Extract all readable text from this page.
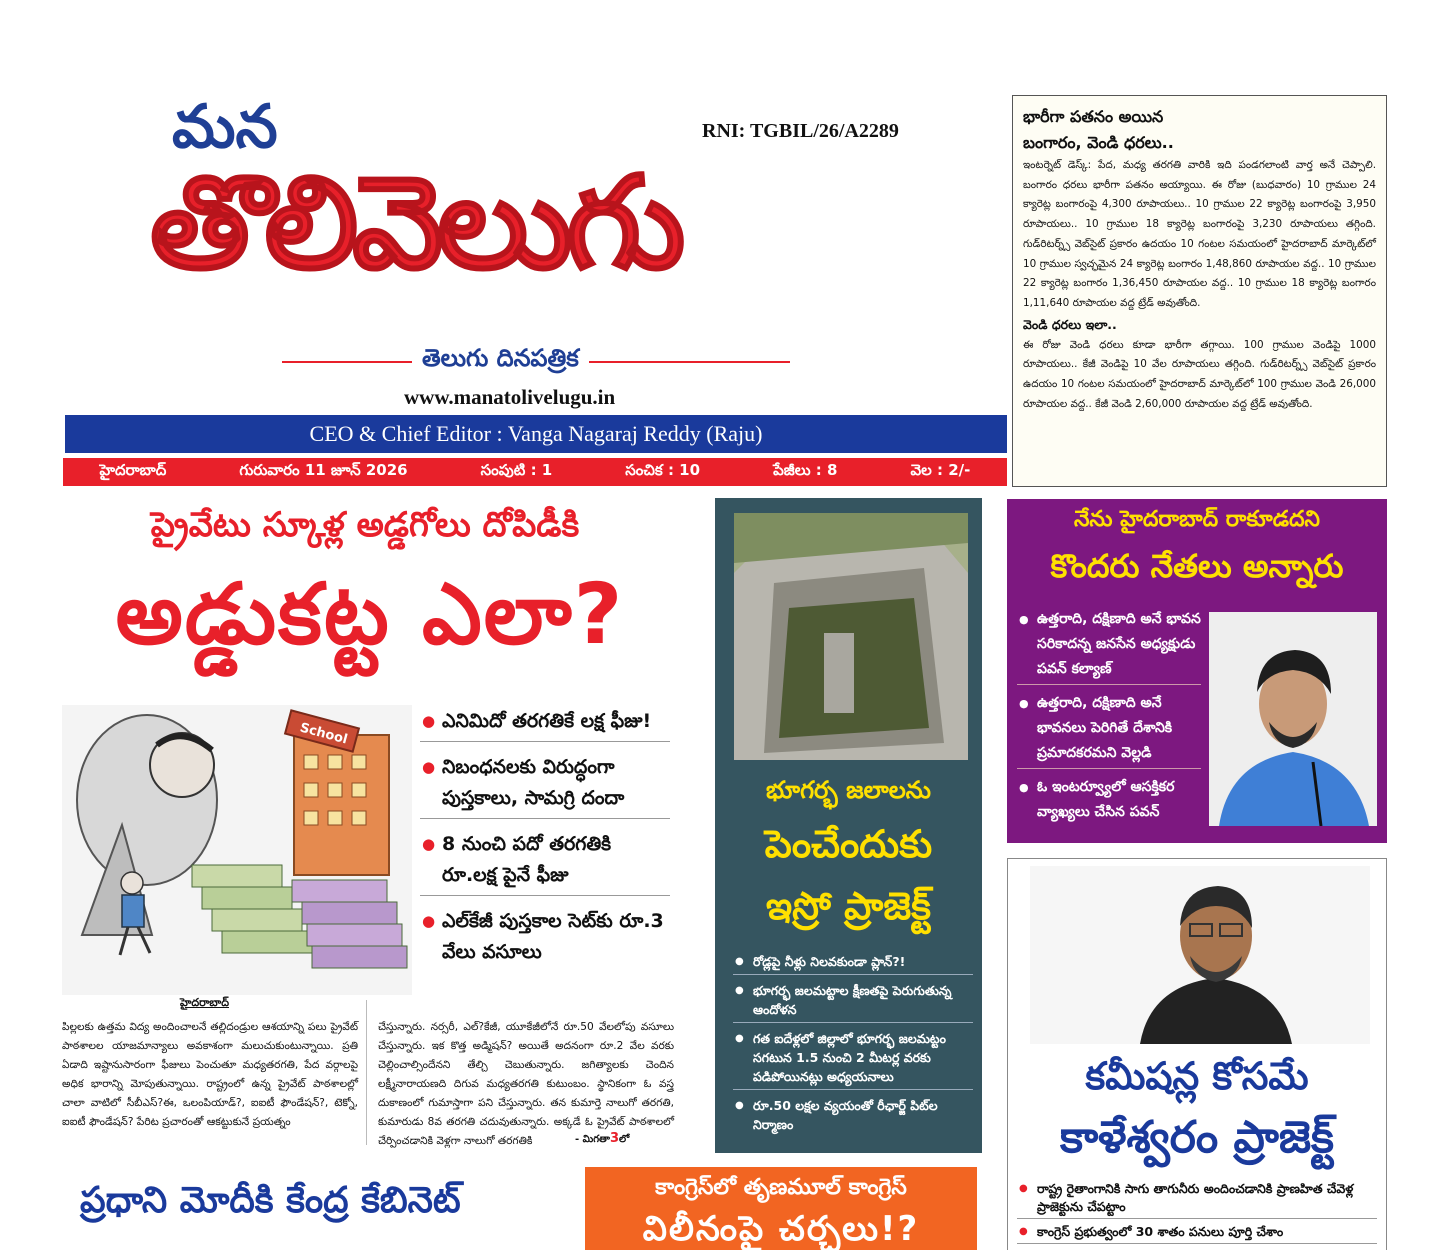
మన	RNI: TGBIL/26/A2289
తొలివెలుగు
తెలుగు దినపత్రిక
www.manatolivelugu.in
CEO & Chief Editor : Vanga Nagaraj Reddy (Raju)
హైదరాబాద్	గురువారం 11 జూన్ 2026	సంపుటి : 1	సంచిక : 10	పేజీలు : 8	వెల : 2/-
భారీగా పతనం అయిన
బంగారం, వెండి ధరలు..

ఇంటర్నెట్ డెస్క్: పేద, మధ్య తరగతి వారికి ఇది పండగలాంటి వార్త అనే చెప్పాలి. బంగారం ధరలు భారీగా పతనం అయ్యాయి. ఈ రోజు (బుధవారం) 10 గ్రాముల 24 క్యారెట్ల బంగారంపై 4,300 రూపాయలు.. 10 గ్రాముల 22 క్యారెట్ల బంగారంపై 3,950 రూపాయలు.. 10 గ్రాముల 18 క్యారెట్ల బంగారంపై 3,230 రూపాయలు తగ్గింది. గుడ్‌రిటర్న్స్ వెబ్‌సైట్ ప్రకారం ఉదయం 10 గంటల సమయంలో హైదరాబాద్ మార్కెట్‌లో 10 గ్రాముల స్వచ్ఛమైన 24 క్యారెట్ల బంగారం 1,48,860 రూపాయల వద్ద.. 10 గ్రాముల 22 క్యారెట్ల బంగారం 1,36,450 రూపాయల వద్ద.. 10 గ్రాముల 18 క్యారెట్ల బంగారం 1,11,640 రూపాయల వద్ద ట్రేడ్ అవుతోంది.

వెండి ధరలు ఇలా..

ఈ రోజు వెండి ధరలు కూడా భారీగా తగ్గాయి. 100 గ్రాముల వెండిపై 1000 రూపాయలు.. కేజీ వెండిపై 10 వేల రూపాయలు తగ్గింది. గుడ్‌రిటర్న్స్ వెబ్‌సైట్ ప్రకారం ఉదయం 10 గంటల సమయంలో హైదరాబాద్ మార్కెట్‌లో 100 గ్రాముల వెండి 26,000 రూపాయల వద్ద.. కేజీ వెండి 2,60,000 రూపాయల వద్ద ట్రేడ్ అవుతోంది.

ప్రైవేటు స్కూళ్ల అడ్డగోలు దోపిడీకి
అడ్డుకట్ట ఎలా?
School
●	ఎనిమిదో తరగతికే లక్ష ఫీజు!
● నిబంధనలకు విరుద్ధంగా పుస్తకాలు, సామగ్రి దందా
● 8 నుంచి పదో తరగతికి రూ.లక్ష పైనే ఫీజు
● ఎల్‌కేజీ పుస్తకాల సెట్‌కు రూ.3 వేలు వసూలు
హైదరాబాద్
పిల్లలకు ఉత్తమ విద్య అందించాలనే తల్లిదండ్రుల ఆశయాన్ని పలు ప్రైవేట్ పాఠశాలల యాజమాన్యాలు అవకాశంగా మలుచుకుంటున్నాయి. ప్రతి ఏడాది ఇష్టానుసారంగా ఫీజులు పెంచుతూ మధ్యతరగతి, పేద వర్గాలపై అధిక భారాన్ని మోపుతున్నాయి. రాష్ట్రంలో ఉన్న ప్రైవేట్ పాఠశాలల్లో చాలా వాటిలో సీబీఎస్?ఈ, ఒలంపియాడ్?, ఐఐటీ ఫౌండేషన్?, టెక్నో, ఐఐటీ ఫౌండేషన్? పేరిట ప్రచారంతో ఆకట్టుకునే ప్రయత్నం
చేస్తున్నారు. నర్సరీ, ఎల్?కేజీ, యూకేజీలోనే రూ.50 వేలలోపు వసూలు చేస్తున్నారు. ఇక కొత్త అడ్మిషన్? అయితే అదనంగా రూ.2 వేల వరకు చెల్లించాల్సిందేనని తేల్చి చెబుతున్నారు. జగిత్యాలకు చెందిన లక్ష్మీనారాయణది దిగువ మధ్యతరగతి కుటుంబం. స్థానికంగా ఓ వస్త్ర దుకాణంలో గుమాస్తాగా పని చేస్తున్నారు. తన కుమార్తె నాలుగో తరగతి, కుమారుడు 8వ తరగతి చదువుతున్నారు. అక్కడే ఓ ప్రైవేట్ పాఠశాలలో చేర్పించడానికి వెళ్లగా నాలుగో తరగతికి	- మిగతా3లో
ప్రధాని మోదీకి కేంద్ర కేబినెట్	కాంగ్రెస్‌లో తృణమూల్ కాంగ్రెస్
విలీనంపై చర్చలు!?
భూగర్భ జలాలను
పెంచేందుకు
ఇస్రో ప్రాజెక్ట్
● రోడ్లపై నీళ్లు నిలవకుండా ప్లాన్?!
● భూగర్భ జలమట్టాల క్షీణతపై పెరుగుతున్న ఆందోళన
● గత ఐదేళ్లలో జిల్లాలో భూగర్భ జలమట్టం సగటున 1.5 నుంచి 2 మీటర్ల వరకు పడిపోయినట్లు అధ్యయనాలు
● రూ.50 లక్షల వ్యయంతో రీఛార్జ్ పిట్‌ల నిర్మాణం
నేను హైదరాబాద్ రాకూడదని
కొందరు నేతలు అన్నారు
● ఉత్తరాది, దక్షిణాది అనే భావన సరికాదన్న జనసేన అధ్యక్షుడు పవన్ కల్యాణ్
● ఉత్తరాది, దక్షిణాది అనే భావనలు పెరిగితే దేశానికి ప్రమాదకరమని వెల్లడి
● ఓ ఇంటర్వ్యూలో ఆసక్తికర వ్యాఖ్యలు చేసిన పవన్
కమీషన్ల కోసమే
కాళేశ్వరం ప్రాజెక్ట్
● రాష్ట్ర రైతాంగానికి సాగు తాగునీరు అందించడానికి ప్రాణహిత చేవెళ్ల ప్రాజెక్టును చేపట్టాం
● కాంగ్రెస్ ప్రభుత్వంలో 30 శాతం పనులు పూర్తి చేశాం
